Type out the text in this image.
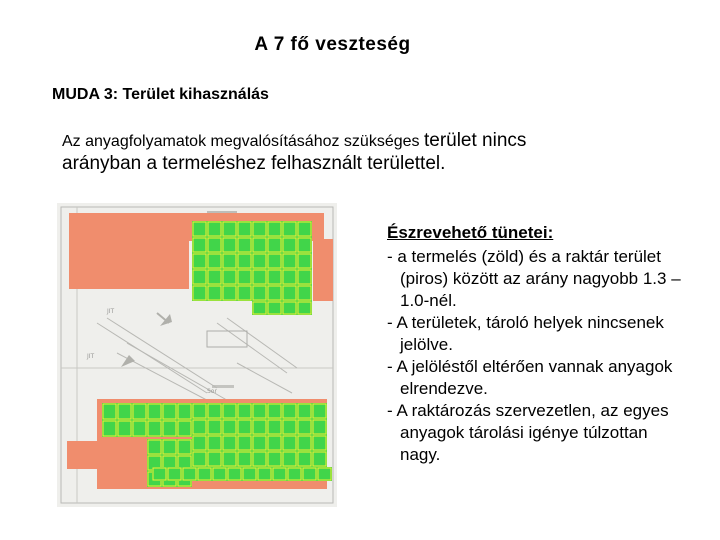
A 7 fő veszteség
MUDA 3: Terület kihasználás
Az anyagfolyamatok megvalósításához szükséges terület nincs
arányban a termeléshez felhasznált területtel.
Sor
JIT
JIT
Észrevehető tünetei:
- a termelés (zöld) és a raktár terület
(piros) között az arány nagyobb 1.3 –
1.0-nél.
- A területek, tároló helyek nincsenek
jelölve.
- A jelöléstől eltérően vannak anyagok
elrendezve.
- A raktározás szervezetlen, az egyes
anyagok tárolási igénye túlzottan
nagy.
